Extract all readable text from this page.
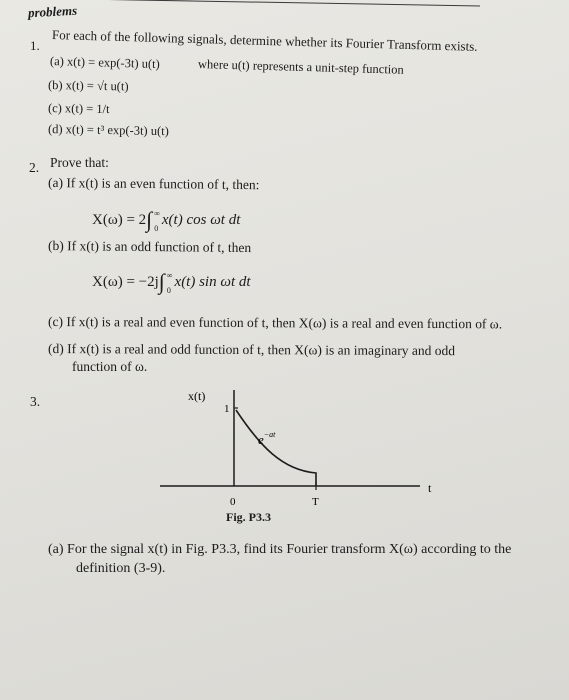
problems
1. For each of the following signals, determine whether its Fourier Transform exists.
(a) x(t) = exp(-3t) u(t)	where u(t) represents a unit-step function
(b) x(t) = √t u(t)
(c) x(t) = 1/t
(d) x(t) = t³ exp(-3t) u(t)
2. Prove that:
(a) If x(t) is an even function of t, then:
X(ω) = 2∫ ∞
0
x(t) cos ωt dt
(b) If x(t) is an odd function of t, then
X(ω) = −2j∫ ∞
0
x(t) sin ωt dt
(c) If x(t) is a real and even function of t, then X(ω) is a real and even function of ω.
(d) If x(t) is a real and odd function of t, then X(ω) is an imaginary and odd
function of ω.
3.	x(t)
1
$e^{-at}$
t
0	T
Fig. P3.3
(a) For the signal x(t) in Fig. P3.3, find its Fourier transform X(ω) according to the
definition (3-9).
